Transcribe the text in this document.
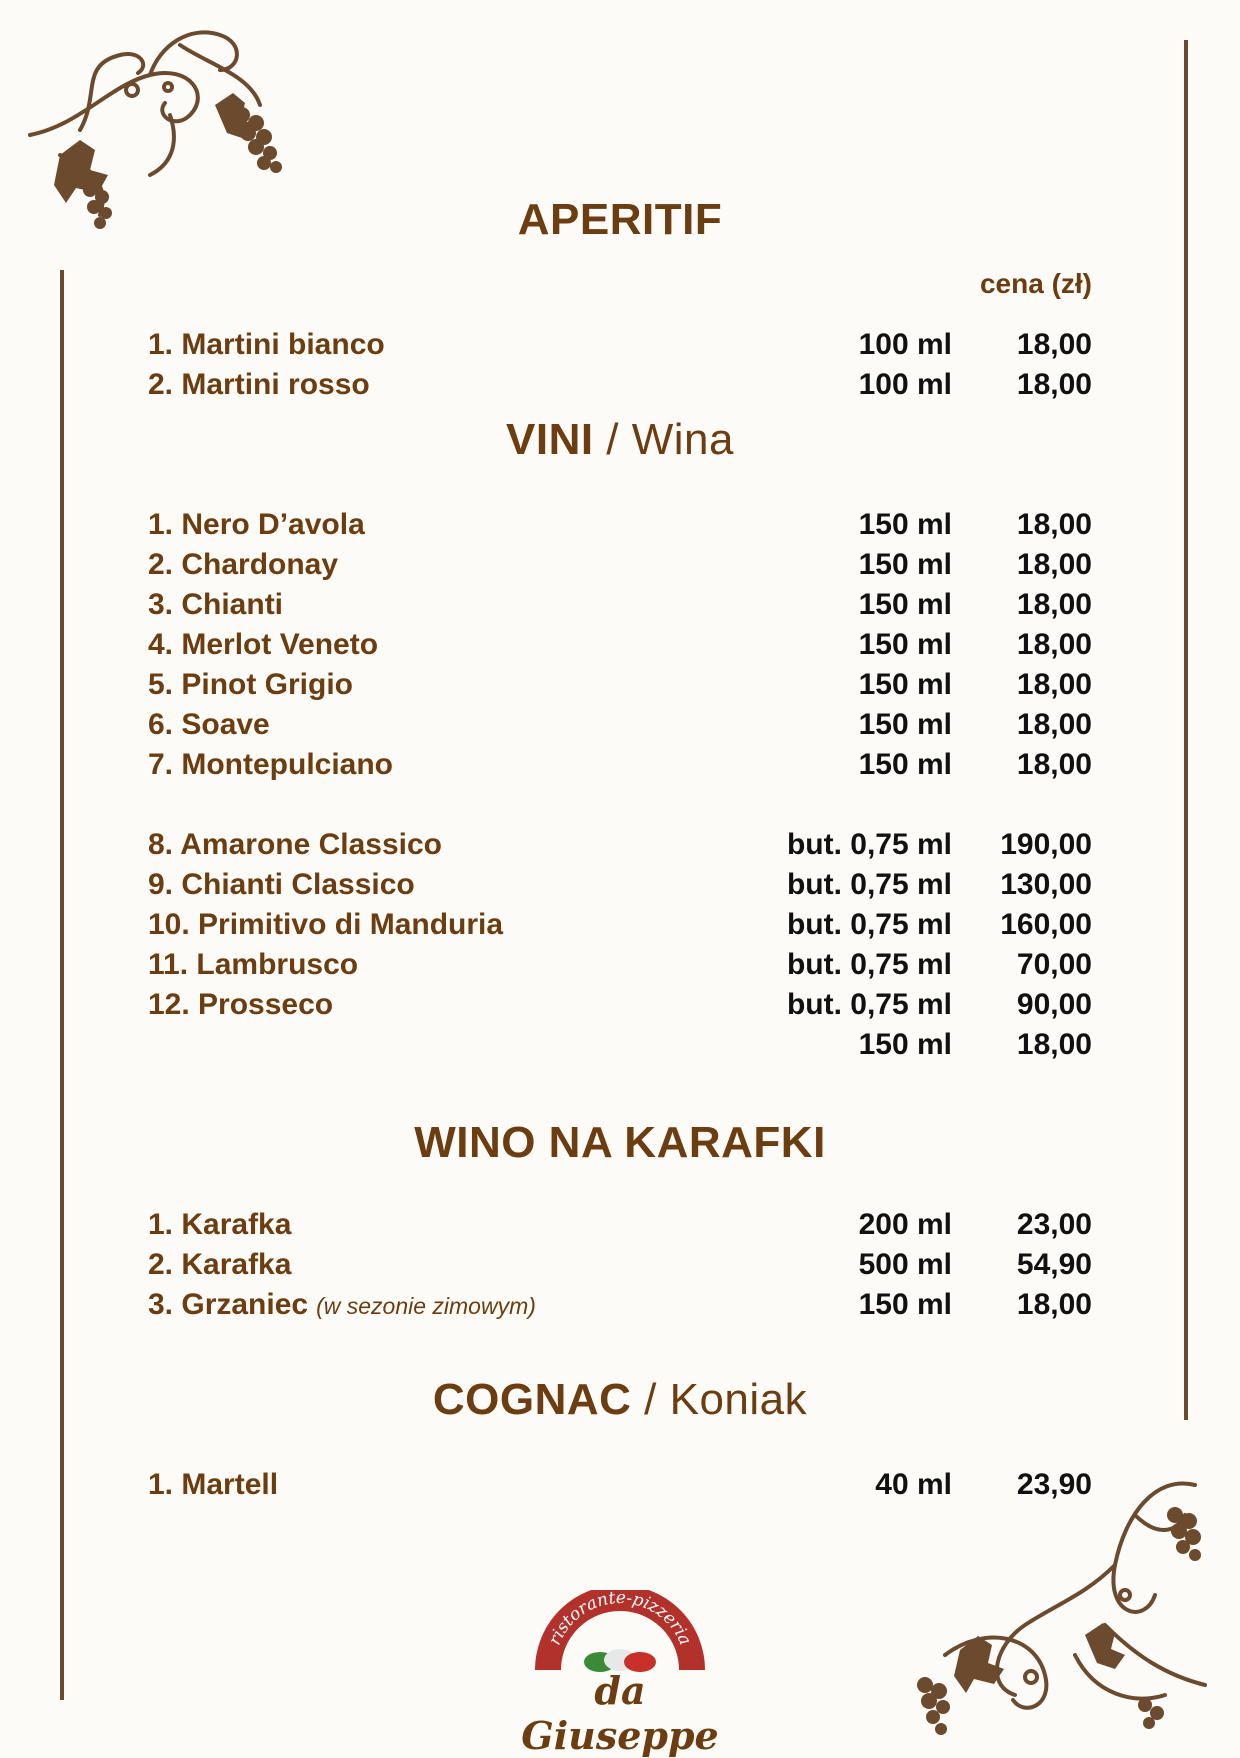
APERITIF
cena (zł)
1. Martini bianco	100 ml 18,00
2. Martini rosso	100 ml 18,00
VINI / Wina
1. Nero D’avola	150 ml 18,00
2. Chardonay	150 ml 18,00
3. Chianti	150 ml 18,00
4. Merlot Veneto	150 ml 18,00
5. Pinot Grigio	150 ml 18,00
6. Soave	150 ml 18,00
7. Montepulciano	150 ml 18,00
8. Amarone Classico	but. 0,75 ml 190,00
9. Chianti Classico	but. 0,75 ml 130,00
10. Primitivo di Manduria	but. 0,75 ml 160,00
11. Lambrusco	but. 0,75 ml 70,00
12. Prosseco	but. 0,75 ml 90,00
150 ml 18,00
WINO NA KARAFKI
1. Karafka	200 ml 23,00
2. Karafka	500 ml 54,90
3. Grzaniec (w sezonie zimowym)	150 ml 18,00
COGNAC / Koniak
1. Martell	40 ml 23,90
ristorante-pizzeria
da Giuseppe
